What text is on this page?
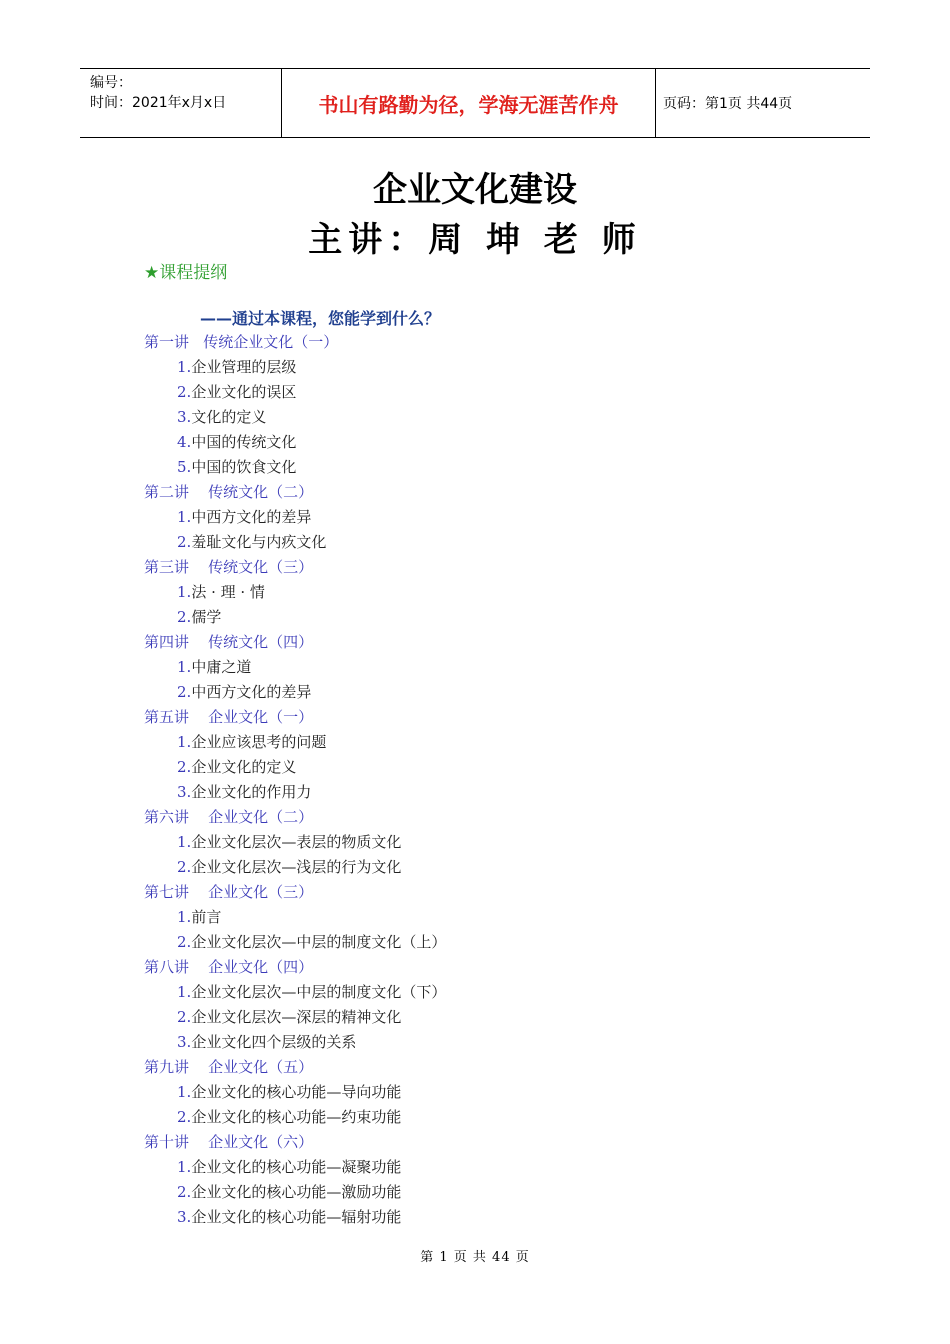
编号：
时间：2021年x月x日	书山有路勤为径，学海无涯苦作舟	页码：第1页 共44页
企业文化建设
主讲：周 坤 老 师
★课程提纲
——通过本课程，您能学到什么？
第一讲   传统企业文化（一）
1.企业管理的层级
2.企业文化的误区
3.文化的定义
4.中国的传统文化
5.中国的饮食文化
第二讲    传统文化（二）
1.中西方文化的差异
2.羞耻文化与内疚文化
第三讲    传统文化（三）
1.法 · 理 · 情
2.儒学
第四讲    传统文化（四）
1.中庸之道
2.中西方文化的差异
第五讲    企业文化（一）
1.企业应该思考的问题
2.企业文化的定义
3.企业文化的作用力
第六讲    企业文化（二）
1.企业文化层次—表层的物质文化
2.企业文化层次—浅层的行为文化
第七讲    企业文化（三）
1.前言
2.企业文化层次—中层的制度文化（上）
第八讲    企业文化（四）
1.企业文化层次—中层的制度文化（下）
2.企业文化层次—深层的精神文化
3.企业文化四个层级的关系
第九讲    企业文化（五）
1.企业文化的核心功能—导向功能
2.企业文化的核心功能—约束功能
第十讲    企业文化（六）
1.企业文化的核心功能—凝聚功能
2.企业文化的核心功能—激励功能
3.企业文化的核心功能—辐射功能
第 1 页 共 44 页
